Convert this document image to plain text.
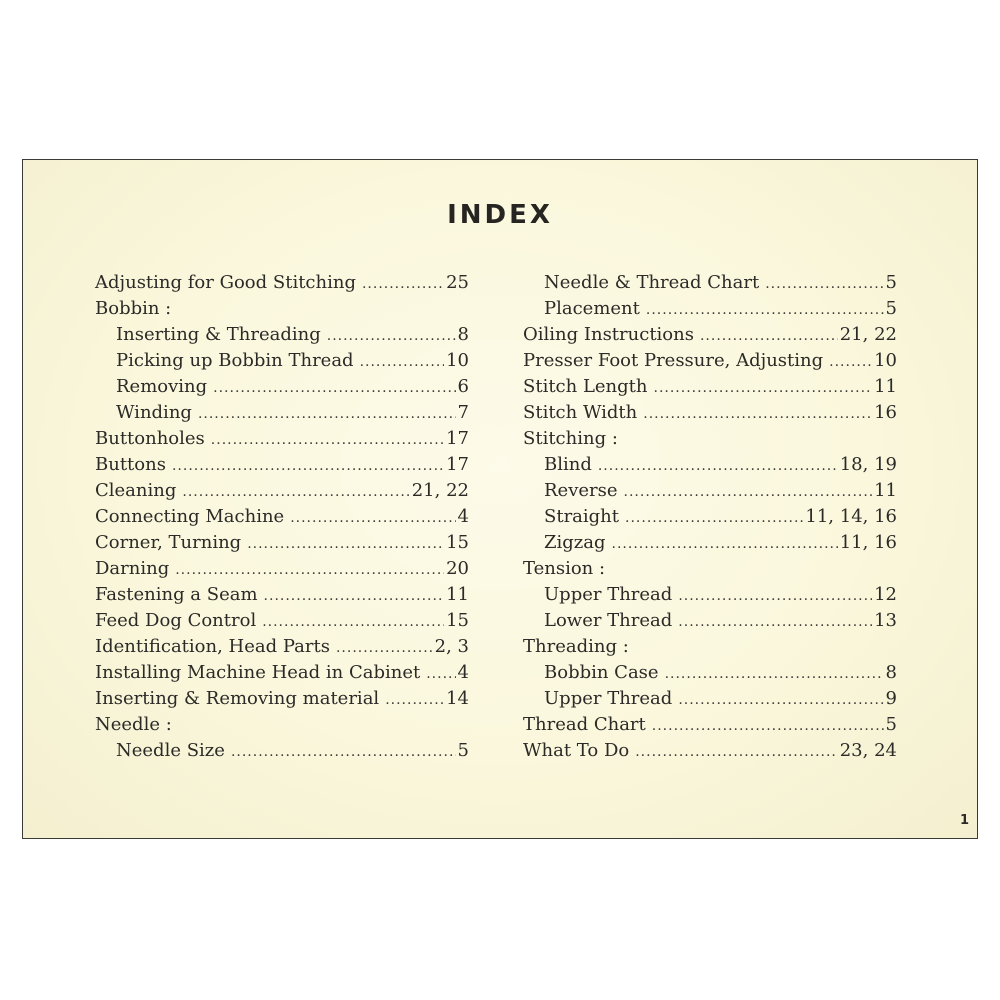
INDEX
Adjusting for Good Stitching .....	25
Bobbin :
Inserting & Threading .....	8
Picking up Bobbin Thread .....	10
Removing .....	6
Winding .....	7
Buttonholes .....	17
Buttons .....	17
Cleaning .....	21, 22
Connecting Machine .....	4
Corner, Turning .....	15
Darning .....	20
Fastening a Seam .....	11
Feed Dog Control .....	15
Identification, Head Parts .....	2, 3
Installing Machine Head in Cabinet ..... 4
Inserting & Removing material .....	14
Needle :
Needle Size .....	5
Needle & Thread Chart .....	5
Placement .....	5
Oiling Instructions .....	21, 22
Presser Foot Pressure, Adjusting .....	10
Stitch Length .....	11
Stitch Width .....	16
Stitching :
Blind .....	18, 19
Reverse .....	11
Straight .....	11, 14, 16
Zigzag .....	11, 16
Tension :
Upper Thread .....	12
Lower Thread .....	13
Threading :
Bobbin Case .....	8
Upper Thread .....	9
Thread Chart .....	5
What To Do .....	23, 24
1
